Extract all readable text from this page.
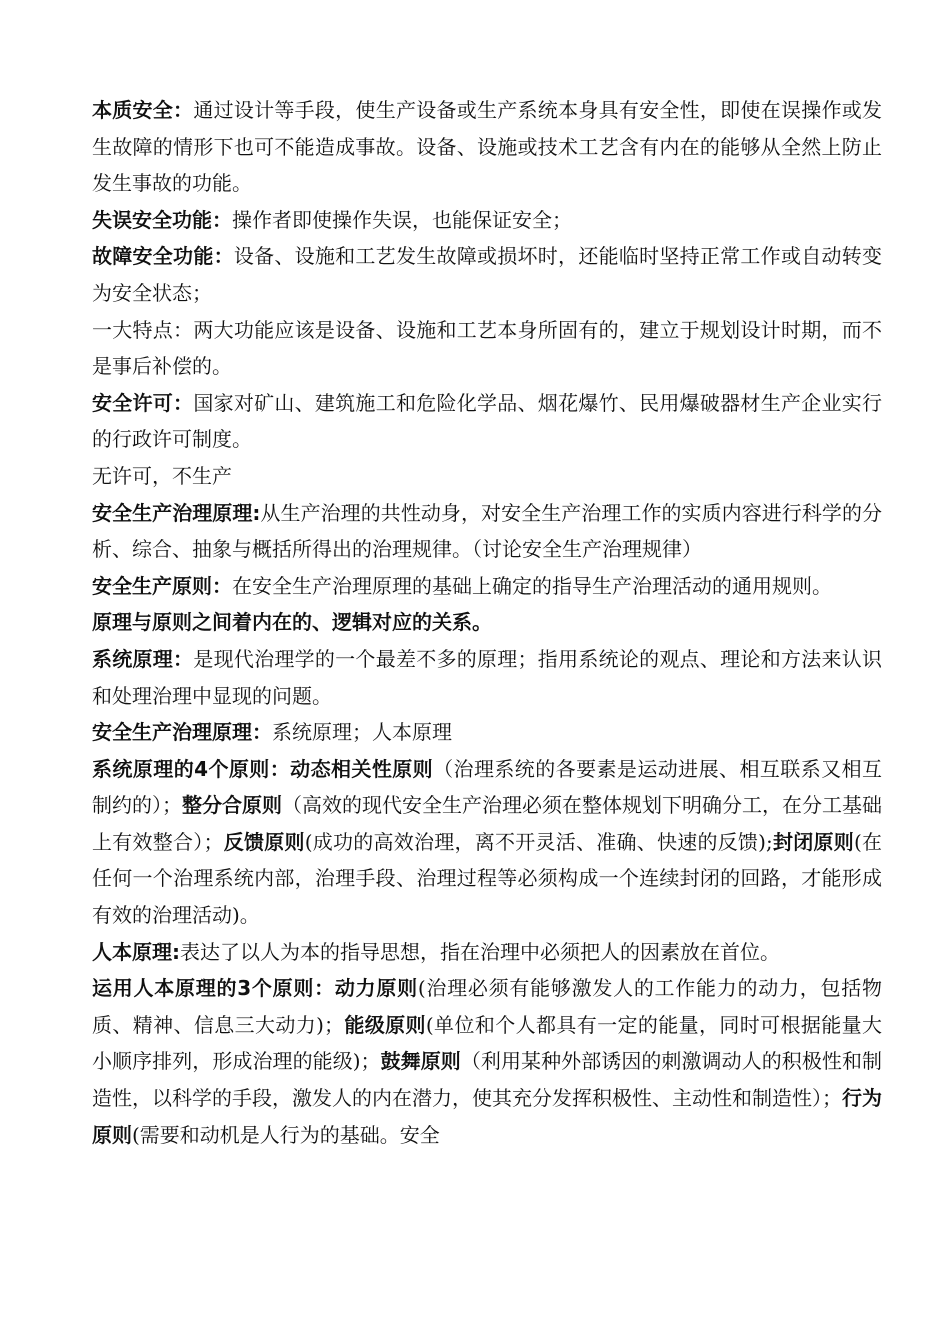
本质安全：通过设计等手段，使生产设备或生产系统本身具有安全性，即使在误操作或发生故障的情形下也可不能造成事故。设备、设施或技术工艺含有内在的能够从全然上防止发生事故的功能。

失误安全功能：操作者即使操作失误，也能保证安全；

故障安全功能：设备、设施和工艺发生故障或损坏时，还能临时坚持正常工作或自动转变为安全状态；

一大特点：两大功能应该是设备、设施和工艺本身所固有的，建立于规划设计时期，而不是事后补偿的。

安全许可：国家对矿山、建筑施工和危险化学品、烟花爆竹、民用爆破器材生产企业实行的行政许可制度。

无许可，不生产

安全生产治理原理:从生产治理的共性动身，对安全生产治理工作的实质内容进行科学的分析、综合、抽象与概括所得出的治理规律。（讨论安全生产治理规律）

安全生产原则：在安全生产治理原理的基础上确定的指导生产治理活动的通用规则。

原理与原则之间着内在的、逻辑对应的关系。

系统原理：是现代治理学的一个最差不多的原理；指用系统论的观点、理论和方法来认识和处理治理中显现的问题。

安全生产治理原理：系统原理；人本原理

系统原理的4个原则：动态相关性原则（治理系统的各要素是运动进展、相互联系又相互制约的）；整分合原则（高效的现代安全生产治理必须在整体规划下明确分工，在分工基础上有效整合）；反馈原则(成功的高效治理，离不开灵活、准确、快速的反馈);封闭原则(在任何一个治理系统内部，治理手段、治理过程等必须构成一个连续封闭的回路，才能形成有效的治理活动)。

人本原理:表达了以人为本的指导思想，指在治理中必须把人的因素放在首位。

运用人本原理的3个原则：动力原则(治理必须有能够激发人的工作能力的动力，包括物质、精神、信息三大动力)；能级原则(单位和个人都具有一定的能量，同时可根据能量大小顺序排列，形成治理的能级)；鼓舞原则（利用某种外部诱因的刺激调动人的积极性和制造性，以科学的手段，激发人的内在潜力，使其充分发挥积极性、主动性和制造性）；行为原则(需要和动机是人行为的基础。安全
